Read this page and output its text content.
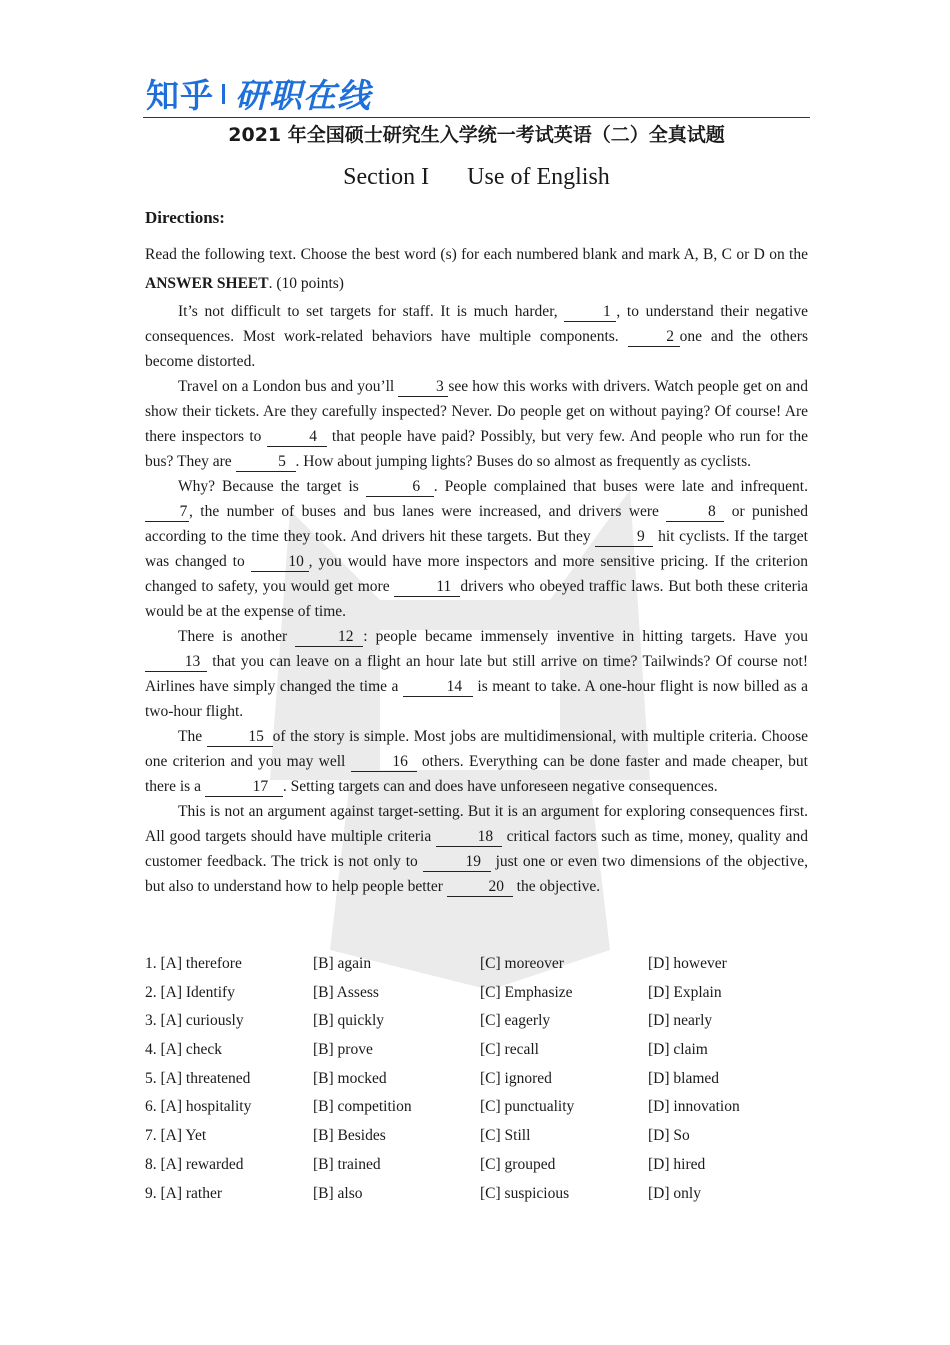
知乎 研职在线
2021 年全国硕士研究生入学统一考试英语（二）全真试题
Section I Use of English
Directions:
Read the following text. Choose the best word (s) for each numbered blank and mark A, B, C or D on the ANSWER SHEET. (10 points)

It’s not difficult to set targets for staff. It is much harder, 1 , to understand their negative consequences. Most work-related behaviors have multiple components. 2 one and the others become distorted.

Travel on a London bus and you’ll 3 see how this works with drivers. Watch people get on and show their tickets. Are they carefully inspected? Never. Do people get on without paying? Of course! Are there inspectors to	4 that people have paid? Possibly, but very few. And people who run for the bus? They are	5 . How about jumping lights? Buses do so almost as frequently as cyclists.

Why? Because the target is	6 . People complained that buses were late and infrequent. 7 , the number of buses and bus lanes were increased, and drivers were	8 or punished according to the time they took. And drivers hit these targets. But they	9 hit cyclists. If the target was changed to 10 , you would have more inspectors and more sensitive pricing. If the criterion changed to safety, you would get more	11 drivers who obeyed traffic laws. But both these criteria would be at the expense of time.

There is another	12 : people became immensely inventive in hitting targets. Have you 13 that you can leave on a flight an hour late but still arrive on time? Tailwinds? Of course not! Airlines have simply changed the time a	14 is meant to take. A one-hour flight is now billed as a two-hour flight.

The	15 of the story is simple. Most jobs are multidimensional, with multiple criteria. Choose one criterion and you may well	16 others. Everything can be done faster and made cheaper, but there is a	17 . Setting targets can and does have unforeseen negative consequences.

This is not an argument against target-setting. But it is an argument for exploring consequences first. All good targets should have multiple criteria	18 critical factors such as time, money, quality and customer feedback. The trick is not only to	19 just one or even two dimensions of the objective, but also to understand how to help people better	20 the objective.

1. [A] therefore	[B] again	[C] moreover	[D] however
2. [A] Identify	[B] Assess	[C] Emphasize	[D] Explain
3. [A] curiously	[B] quickly	[C] eagerly	[D] nearly
4. [A] check	[B] prove	[C] recall	[D] claim
5. [A] threatened	[B] mocked	[C] ignored	[D] blamed
6. [A] hospitality	[B] competition	[C] punctuality	[D] innovation
7. [A] Yet	[B] Besides	[C] Still	[D] So
8. [A] rewarded	[B] trained	[C] grouped	[D] hired
9. [A] rather	[B] also	[C] suspicious	[D] only
